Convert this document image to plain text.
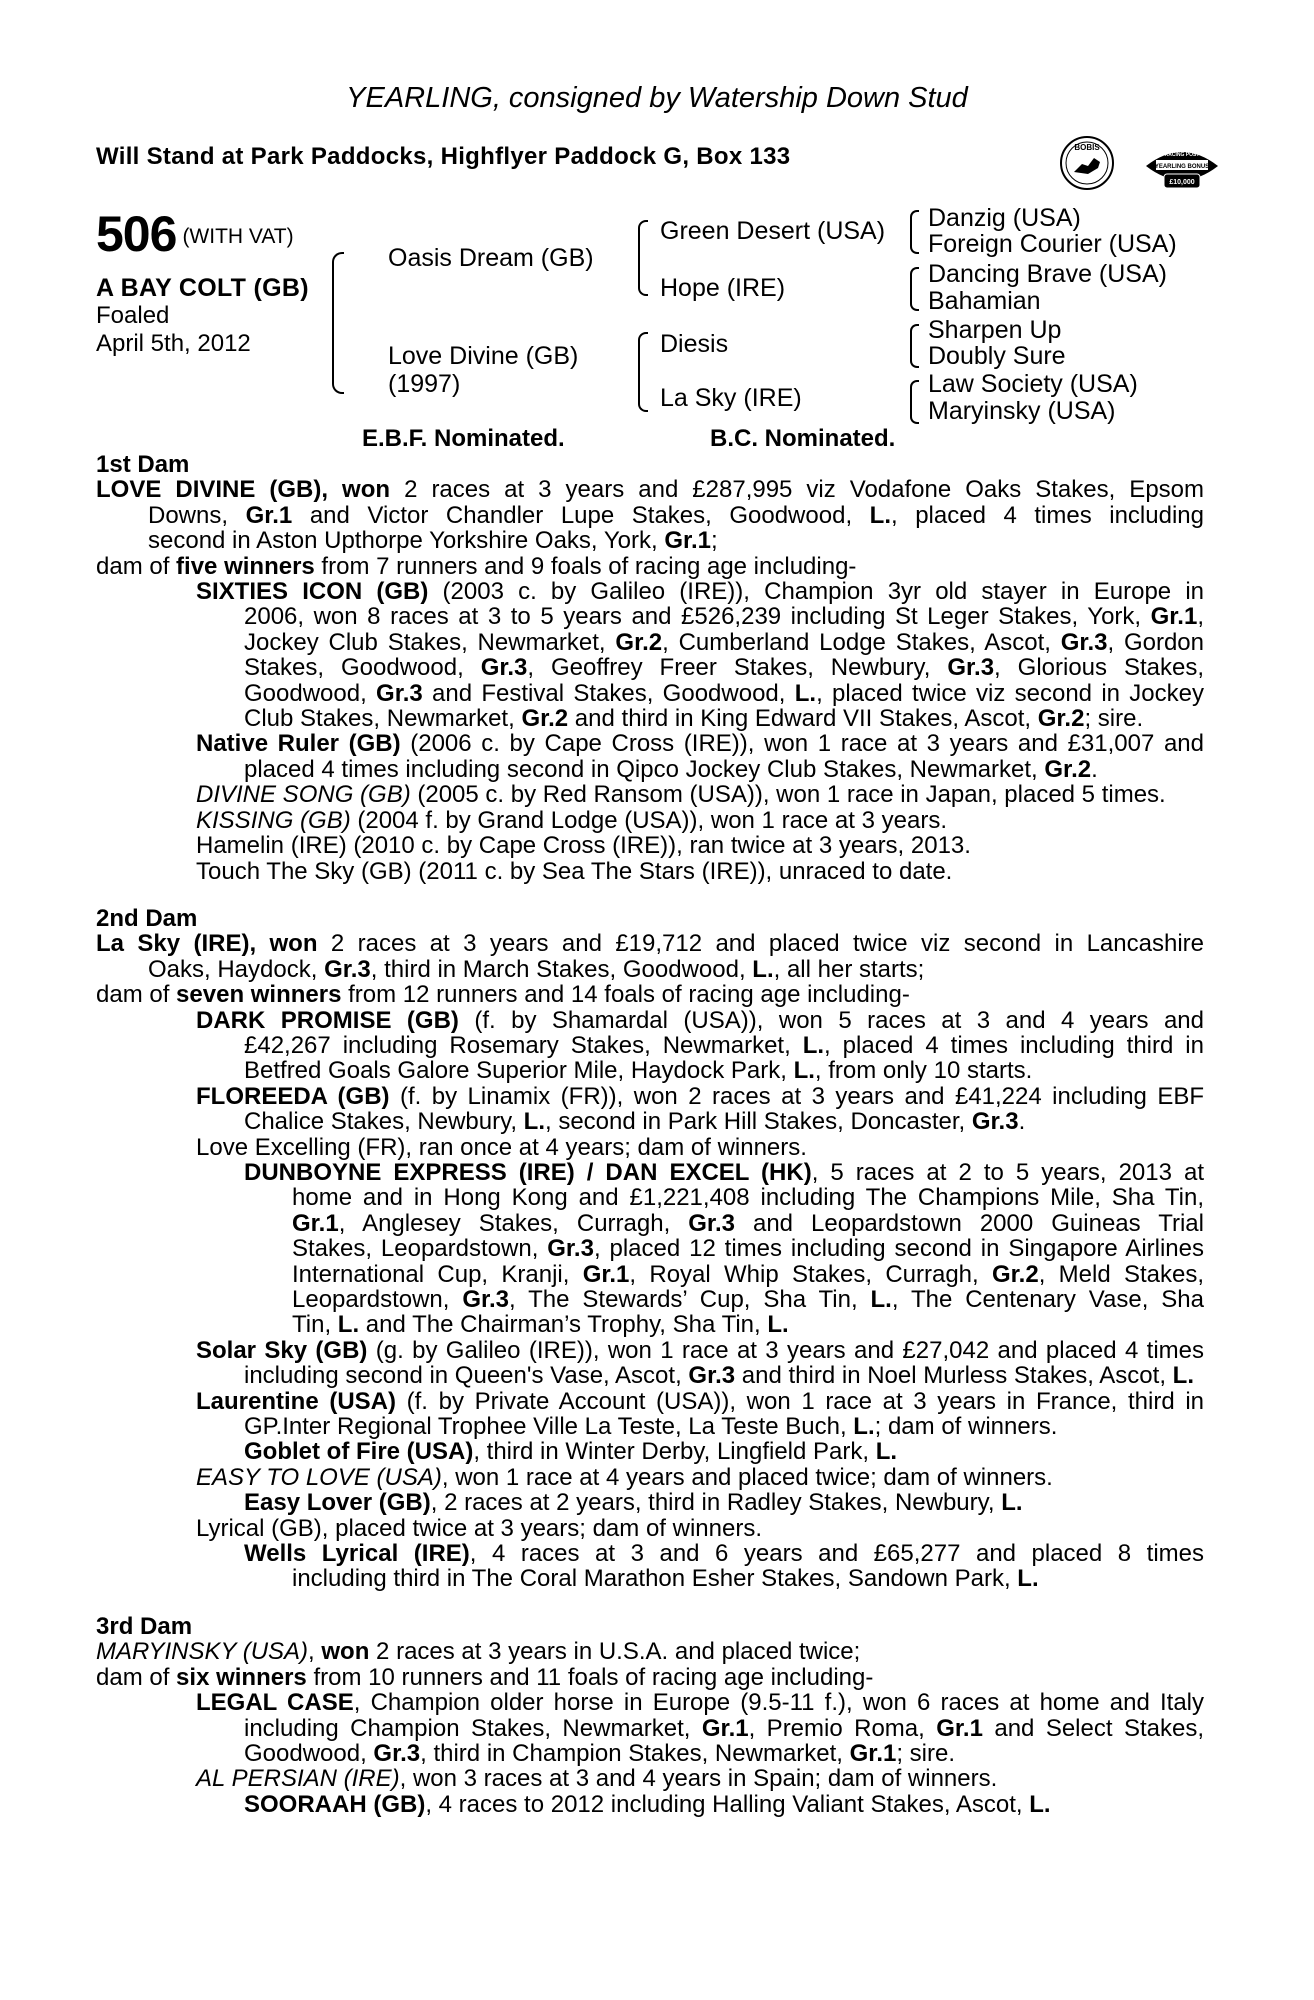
YEARLING, consigned by Watership Down Stud
Will Stand at Park Paddocks, Highflyer Paddock G, Box 133	BOBIS
RACING POST
YEARLING BONUS
£10,000
506 (WITH VAT)
A BAY COLT (GB)
Foaled
April 5th, 2012
Oasis Dream (GB)
Love Divine (GB)
(1997)
Green Desert (USA)
Hope (IRE)
Diesis
La Sky (IRE)
Danzig (USA)
Foreign Courier (USA)
Dancing Brave (USA)
Bahamian
Sharpen Up
Doubly Sure
Law Society (USA)
Maryinsky (USA)
E.B.F. Nominated.	B.C. Nominated.

1st Dam

LOVE DIVINE (GB), won 2 races at 3 years and £287,995 viz Vodafone Oaks Stakes, Epsom

Downs, Gr.1 and Victor Chandler Lupe Stakes, Goodwood, L., placed 4 times including

second in Aston Upthorpe Yorkshire Oaks, York, Gr.1;

dam of five winners from 7 runners and 9 foals of racing age including-

SIXTIES ICON (GB) (2003 c. by Galileo (IRE)), Champion 3yr old stayer in Europe in

2006, won 8 races at 3 to 5 years and £526,239 including St Leger Stakes, York, Gr.1,

Jockey Club Stakes, Newmarket, Gr.2, Cumberland Lodge Stakes, Ascot, Gr.3, Gordon

Stakes, Goodwood, Gr.3, Geoffrey Freer Stakes, Newbury, Gr.3, Glorious Stakes,

Goodwood, Gr.3 and Festival Stakes, Goodwood, L., placed twice viz second in Jockey

Club Stakes, Newmarket, Gr.2 and third in King Edward VII Stakes, Ascot, Gr.2; sire.

Native Ruler (GB) (2006 c. by Cape Cross (IRE)), won 1 race at 3 years and £31,007 and

placed 4 times including second in Qipco Jockey Club Stakes, Newmarket, Gr.2.

DIVINE SONG (GB) (2005 c. by Red Ransom (USA)), won 1 race in Japan, placed 5 times.

KISSING (GB) (2004 f. by Grand Lodge (USA)), won 1 race at 3 years.

Hamelin (IRE) (2010 c. by Cape Cross (IRE)), ran twice at 3 years, 2013.

Touch The Sky (GB) (2011 c. by Sea The Stars (IRE)), unraced to date.

2nd Dam

La Sky (IRE), won 2 races at 3 years and £19,712 and placed twice viz second in Lancashire

Oaks, Haydock, Gr.3, third in March Stakes, Goodwood, L., all her starts;

dam of seven winners from 12 runners and 14 foals of racing age including-

DARK PROMISE (GB) (f. by Shamardal (USA)), won 5 races at 3 and 4 years and

£42,267 including Rosemary Stakes, Newmarket, L., placed 4 times including third in

Betfred Goals Galore Superior Mile, Haydock Park, L., from only 10 starts.

FLOREEDA (GB) (f. by Linamix (FR)), won 2 races at 3 years and £41,224 including EBF

Chalice Stakes, Newbury, L., second in Park Hill Stakes, Doncaster, Gr.3.

Love Excelling (FR), ran once at 4 years; dam of winners.

DUNBOYNE EXPRESS (IRE) / DAN EXCEL (HK), 5 races at 2 to 5 years, 2013 at

home and in Hong Kong and £1,221,408 including The Champions Mile, Sha Tin,

Gr.1, Anglesey Stakes, Curragh, Gr.3 and Leopardstown 2000 Guineas Trial

Stakes, Leopardstown, Gr.3, placed 12 times including second in Singapore Airlines

International Cup, Kranji, Gr.1, Royal Whip Stakes, Curragh, Gr.2, Meld Stakes,

Leopardstown, Gr.3, The Stewards’ Cup, Sha Tin, L., The Centenary Vase, Sha

Tin, L. and The Chairman’s Trophy, Sha Tin, L.

Solar Sky (GB) (g. by Galileo (IRE)), won 1 race at 3 years and £27,042 and placed 4 times

including second in Queen's Vase, Ascot, Gr.3 and third in Noel Murless Stakes, Ascot, L.

Laurentine (USA) (f. by Private Account (USA)), won 1 race at 3 years in France, third in

GP.Inter Regional Trophee Ville La Teste, La Teste Buch, L.; dam of winners.

Goblet of Fire (USA), third in Winter Derby, Lingfield Park, L.

EASY TO LOVE (USA), won 1 race at 4 years and placed twice; dam of winners.

Easy Lover (GB), 2 races at 2 years, third in Radley Stakes, Newbury, L.

Lyrical (GB), placed twice at 3 years; dam of winners.

Wells Lyrical (IRE), 4 races at 3 and 6 years and £65,277 and placed 8 times

including third in The Coral Marathon Esher Stakes, Sandown Park, L.

3rd Dam

MARYINSKY (USA), won 2 races at 3 years in U.S.A. and placed twice;

dam of six winners from 10 runners and 11 foals of racing age including-

LEGAL CASE, Champion older horse in Europe (9.5-11 f.), won 6 races at home and Italy

including Champion Stakes, Newmarket, Gr.1, Premio Roma, Gr.1 and Select Stakes,

Goodwood, Gr.3, third in Champion Stakes, Newmarket, Gr.1; sire.

AL PERSIAN (IRE), won 3 races at 3 and 4 years in Spain; dam of winners.

SOORAAH (GB), 4 races to 2012 including Halling Valiant Stakes, Ascot, L.
